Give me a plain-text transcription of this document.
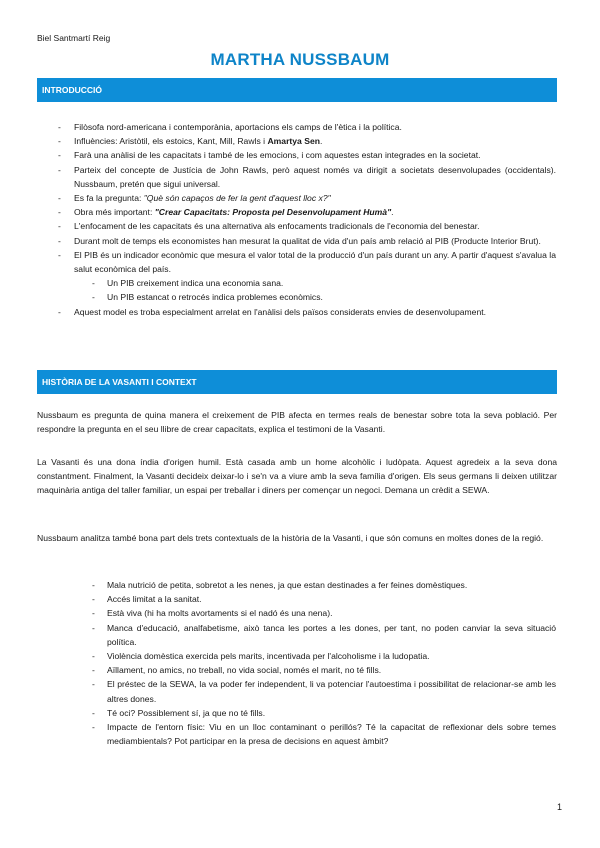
Biel Santmartí Reig
MARTHA NUSSBAUM
INTRODUCCIÓ
- Filòsofa nord-americana i contemporània, aportacions els camps de l'ètica i la política.
- Influències: Aristòtil, els estoics, Kant, Mill, Rawls i Amartya Sen.
- Farà una anàlisi de les capacitats i també de les emocions, i com aquestes estan integrades en la societat.
- Parteix del concepte de Justícia de John Rawls, però aquest només va dirigit a societats desenvolupades (occidentals). Nussbaum, pretén que sigui universal.
- Es fa la pregunta: "Què són capaços de fer la gent d'aquest lloc x?"
- Obra més important: "Crear Capacitats: Proposta pel Desenvolupament Humà".
- L'enfocament de les capacitats és una alternativa als enfocaments tradicionals de l'economia del benestar.
- Durant molt de temps els economistes han mesurat la qualitat de vida d'un país amb relació al PIB (Producte Interior Brut).
- El PIB és un indicador econòmic que mesura el valor total de la producció d'un país durant un any. A partir d'aquest s'avalua la salut econòmica del país.
- Un PIB creixement indica una economia sana.
- Un PIB estancat o retrocés indica problemes econòmics.
- Aquest model es troba especialment arrelat en l'anàlisi dels països considerats envies de desenvolupament.
HISTÒRIA DE LA VASANTI I CONTEXT

Nussbaum es pregunta de quina manera el creixement de PIB afecta en termes reals de benestar sobre tota la seva població. Per respondre la pregunta en el seu llibre de crear capacitats, explica el testimoni de la Vasanti.

La Vasanti és una dona índia d'origen humil. Està casada amb un home alcohòlic i ludòpata. Aquest agredeix a la seva dona constantment. Finalment, la Vasanti decideix deixar-lo i se'n va a viure amb la seva família d'origen. Els seus germans li deixen utilitzar maquinària antiga del taller familiar, un espai per treballar i diners per començar un negoci. Demana un crèdit a SEWA.

Nussbaum analitza també bona part dels trets contextuals de la història de la Vasanti, i que són comuns en moltes dones de la regió.

- Mala nutrició de petita, sobretot a les nenes, ja que estan destinades a fer feines domèstiques.
- Accés limitat a la sanitat.
- Està viva (hi ha molts avortaments si el nadó és una nena).
- Manca d'educació, analfabetisme, això tanca les portes a les dones, per tant, no poden canviar la seva situació política.
- Violència domèstica exercida pels marits, incentivada per l'alcoholisme i la ludopatia.
- Aïllament, no amics, no treball, no vida social, només el marit, no té fills.
- El préstec de la SEWA, la va poder fer independent, li va potenciar l'autoestima i possibilitat de relacionar-se amb les altres dones.
- Té oci? Possiblement sí, ja que no té fills.
- Impacte de l'entorn físic: Viu en un lloc contaminant o perillós? Té la capacitat de reflexionar dels sobre temes mediambientals? Pot participar en la presa de decisions en aquest àmbit?
1
